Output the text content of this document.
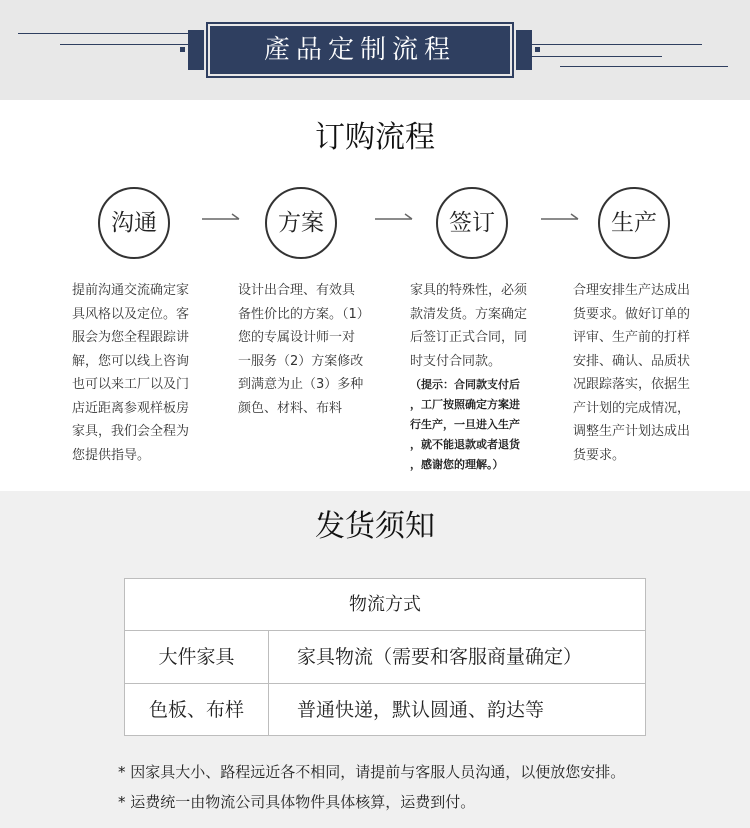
產品定制流程
订购流程
沟通	方案	签订	生产
提前沟通交流确定家
具风格以及定位。客
服会为您全程跟踪讲
解，您可以线上咨询
也可以来工厂以及门
店近距离参观样板房
家具，我们会全程为
您提供指导。
设计出合理、有效具
备性价比的方案。（1）
您的专属设计师一对
一服务（2）方案修改
到满意为止（3）多种
颜色、材料、布料
家具的特殊性，必须
款清发货。方案确定
后签订正式合同，同
时支付合同款。
（提示：合同款支付后
，工厂按照确定方案进
行生产，一旦进入生产
，就不能退款或者退货
，感谢您的理解。）
合理安排生产达成出
货要求。做好订单的
评审、生产前的打样
安排、确认、品质状
况跟踪落实，依据生
产计划的完成情况，
调整生产计划达成出
货要求。
发货须知
物流方式
大件家具	家具物流（需要和客服商量确定）
色板、布样	普通快递，默认圆通、韵达等
* 因家具大小、路程远近各不相同，请提前与客服人员沟通，以便放您安排。
* 运费统一由物流公司具体物件具体核算，运费到付。
